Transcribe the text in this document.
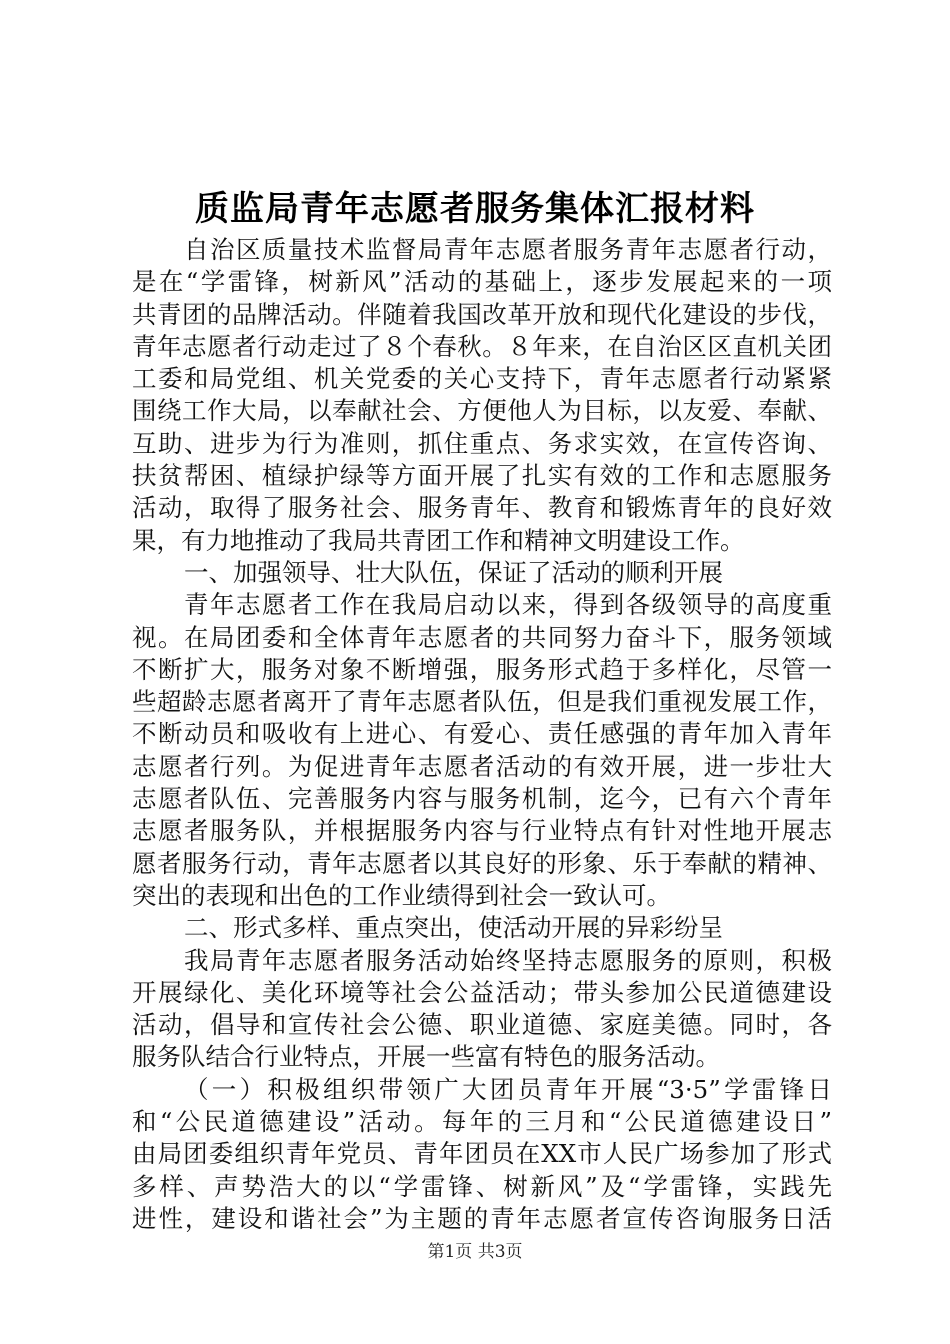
质监局青年志愿者服务集体汇报材料
自治区质量技术监督局青年志愿者服务青年志愿者行动，
是在“学雷锋，树新风”活动的基础上，逐步发展起来的一项
共青团的品牌活动。伴随着我国改革开放和现代化建设的步伐，
青年志愿者行动走过了８个春秋。８年来，在自治区区直机关团
工委和局党组、机关党委的关心支持下，青年志愿者行动紧紧
围绕工作大局，以奉献社会、方便他人为目标，以友爱、奉献、
互助、进步为行为准则，抓住重点、务求实效，在宣传咨询、
扶贫帮困、植绿护绿等方面开展了扎实有效的工作和志愿服务
活动，取得了服务社会、服务青年、教育和锻炼青年的良好效
果，有力地推动了我局共青团工作和精神文明建设工作。
一、加强领导、壮大队伍，保证了活动的顺利开展
青年志愿者工作在我局启动以来，得到各级领导的高度重
视。在局团委和全体青年志愿者的共同努力奋斗下，服务领域
不断扩大，服务对象不断增强，服务形式趋于多样化，尽管一
些超龄志愿者离开了青年志愿者队伍，但是我们重视发展工作，
不断动员和吸收有上进心、有爱心、责任感强的青年加入青年
志愿者行列。为促进青年志愿者活动的有效开展，进一步壮大
志愿者队伍、完善服务内容与服务机制，迄今，已有六个青年
志愿者服务队，并根据服务内容与行业特点有针对性地开展志
愿者服务行动，青年志愿者以其良好的形象、乐于奉献的精神、
突出的表现和出色的工作业绩得到社会一致认可。
二、形式多样、重点突出，使活动开展的异彩纷呈
我局青年志愿者服务活动始终坚持志愿服务的原则，积极
开展绿化、美化环境等社会公益活动；带头参加公民道德建设
活动，倡导和宣传社会公德、职业道德、家庭美德。同时，各
服务队结合行业特点，开展一些富有特色的服务活动。
（一）积极组织带领广大团员青年开展“3·5”学雷锋日
和“公民道德建设”活动。每年的三月和“公民道德建设日”
由局团委组织青年党员、青年团员在XX市人民广场参加了形式
多样、声势浩大的以“学雷锋、树新风”及“学雷锋，实践先
进性，建设和谐社会”为主题的青年志愿者宣传咨询服务日活
第1页 共3页
